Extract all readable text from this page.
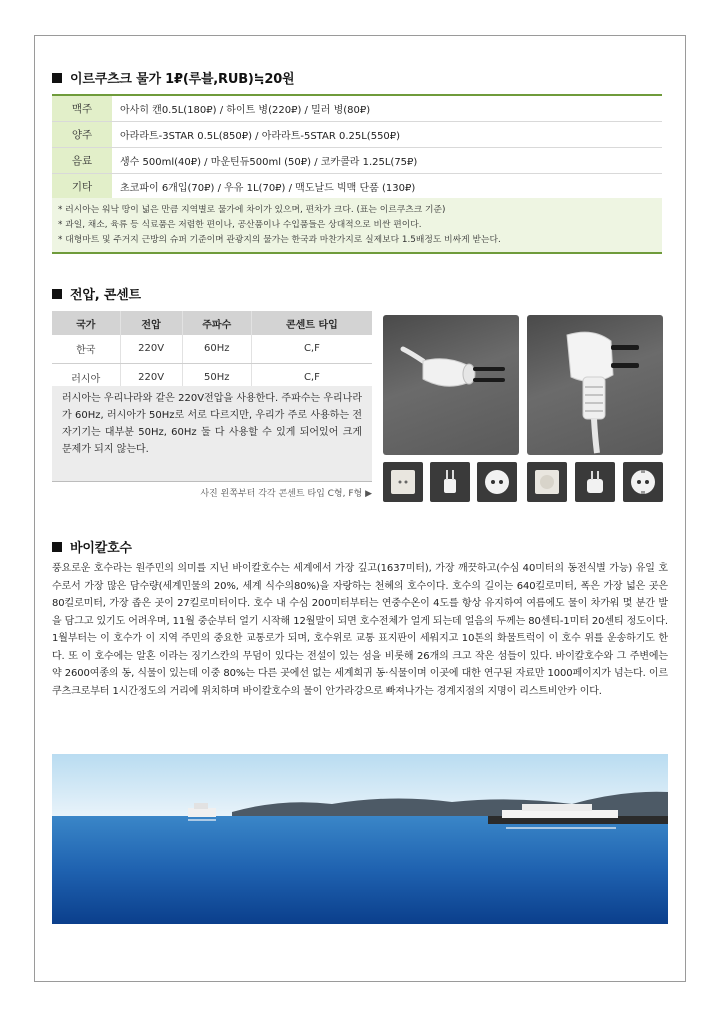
이르쿠츠크 물가 1₽(루블,RUB)≒20원
맥주	아사히 캔0.5L(180₽) / 하이트 병(220₽) / 밀러 병(80₽)
양주	아라라트-3STAR 0.5L(850₽) / 아라라트-5STAR 0.25L(550₽)
음료	생수 500ml(40₽) / 마운틴듀500ml (50₽) / 코카콜라 1.25L(75₽)
기타	초코파이 6개입(70₽) / 우유 1L(70₽) / 맥도날드 빅맥 단품 (130₽)
* 러시아는 워낙 땅이 넓은 만큼 지역별로 물가에 차이가 있으며, 편차가 크다. (표는 이르쿠츠크 기준)
* 과일, 채소, 육류 등 식료품은 저렴한 편이나, 공산품이나 수입품들은 상대적으로 비싼 편이다.
* 대형마트 및 주거지 근방의 슈퍼 기준이며 관광지의 물가는 한국과 마찬가지로 실제보다 1.5배정도 비싸게 받는다.
전압, 콘센트
국가	전압	주파수	콘센트 타입
한국	220V	60Hz	C,F
러시아	220V	50Hz	C,F
러시아는 우리나라와 같은 220V전압을 사용한다. 주파수는 우리나라가 60Hz, 러시아가 50Hz로 서로 다르지만, 우리가 주로 사용하는 전자기기는 대부분 50Hz, 60Hz 둘 다 사용할 수 있게 되어있어 크게 문제가 되지 않는다.
사진 왼쪽부터 각각 콘센트 타입 C형, F형 ▶
바이칼호수
풍요로운 호수라는 원주민의 의미를 지닌 바이칼호수는 세계에서 가장 깊고(1637미터), 가장 깨끗하고(수심 40미터의 동전식별 가능) 유일 호수로서 가장 많은 담수량(세계민물의 20%, 세계 식수의80%)을 자랑하는 천혜의 호수이다. 호수의 길이는 640킬로미터, 폭은 가장 넓은 곳은 80킬로미터, 가장 좁은 곳이 27킬로미터이다. 호수 내 수심 200미터부터는 연중수온이 4도를 항상 유지하여 여름에도 물이 차가워 몇 분간 발을 담그고 있기도 어려우며, 11월 중순부터 얼기 시작해 12월말이 되면 호수전체가 얼게 되는데 얼음의 두께는 80센티-1미터 20센티 정도이다. 1월부터는 이 호수가 이 지역 주민의 중요한 교통로가 되며, 호수위로 교통 표지판이 세워지고 10톤의 화물트럭이 이 호수 위를 운송하기도 한다. 또 이 호수에는 알혼 이라는 징기스칸의 무덤이 있다는 전설이 있는 섬을 비롯해 26개의 크고 작은 섬들이 있다. 바이칼호수와 그 주변에는 약 2600여종의 동, 식물이 있는데 이중 80%는 다른 곳에선 없는 세계희귀 동·식물이며 이곳에 대한 연구된 자료만 1000페이지가 넘는다. 이르쿠츠크로부터 1시간정도의 거리에 위치하며 바이칼호수의 물이 안가라강으로 빠져나가는 경계지점의 지명이 리스트비안카 이다.
